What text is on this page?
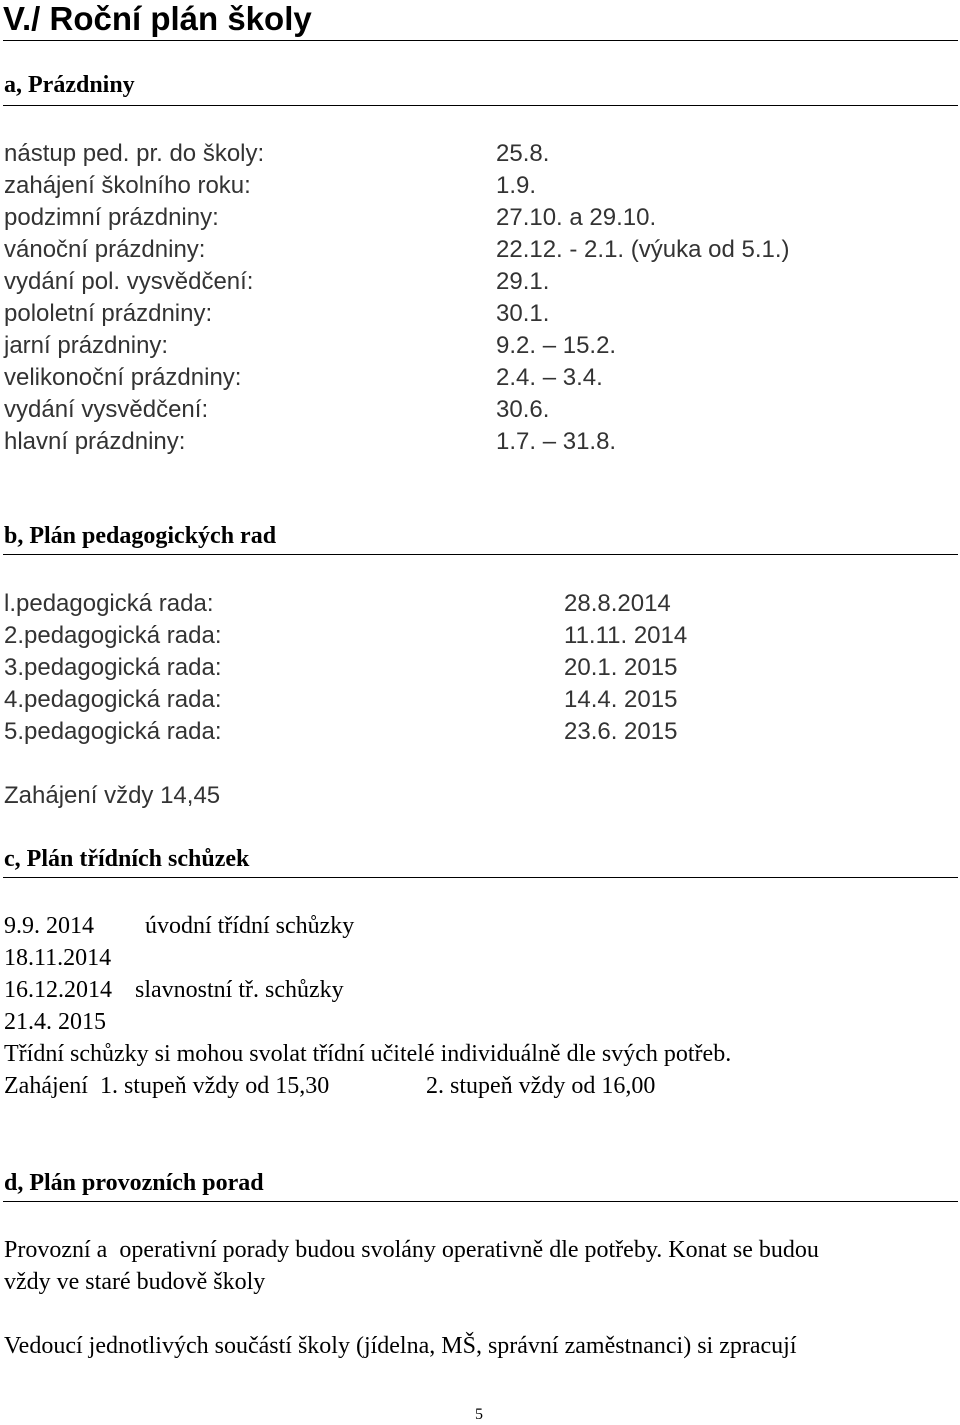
V./ Roční plán školy
a, Prázdniny
nástup ped. pr. do školy:	25.8.
zahájení školního roku:	1.9.
podzimní prázdniny:	27.10. a 29.10.
vánoční prázdniny:	22.12. - 2.1. (výuka od 5.1.)
vydání pol. vysvědčení:	29.1.
pololetní prázdniny:	30.1.
jarní prázdniny:	9.2. – 15.2.
velikonoční prázdniny:	2.4. – 3.4.
vydání vysvědčení:	30.6.
hlavní prázdniny:	1.7. – 31.8.
b, Plán pedagogických rad
l.pedagogická rada:	28.8.2014
2.pedagogická rada:	11.11. 2014
3.pedagogická rada:	20.1. 2015
4.pedagogická rada:	14.4. 2015
5.pedagogická rada:	23.6. 2015
Zahájení vždy 14,45
c, Plán třídních schůzek
9.9. 2014 úvodní třídní schůzky
18.11.2014
16.12.2014 slavnostní tř. schůzky
21.4. 2015
Třídní schůzky si mohou svolat třídní učitelé individuálně dle svých potřeb.
Zahájení  1. stupeň vždy od 15,30	2. stupeň vždy od 16,00
d, Plán provozních porad
Provozní a  operativní porady budou svolány operativně dle potřeby. Konat se budou
vždy ve staré budově školy
Vedoucí jednotlivých součástí školy (jídelna, MŠ, správní zaměstnanci) si zpracují
5
